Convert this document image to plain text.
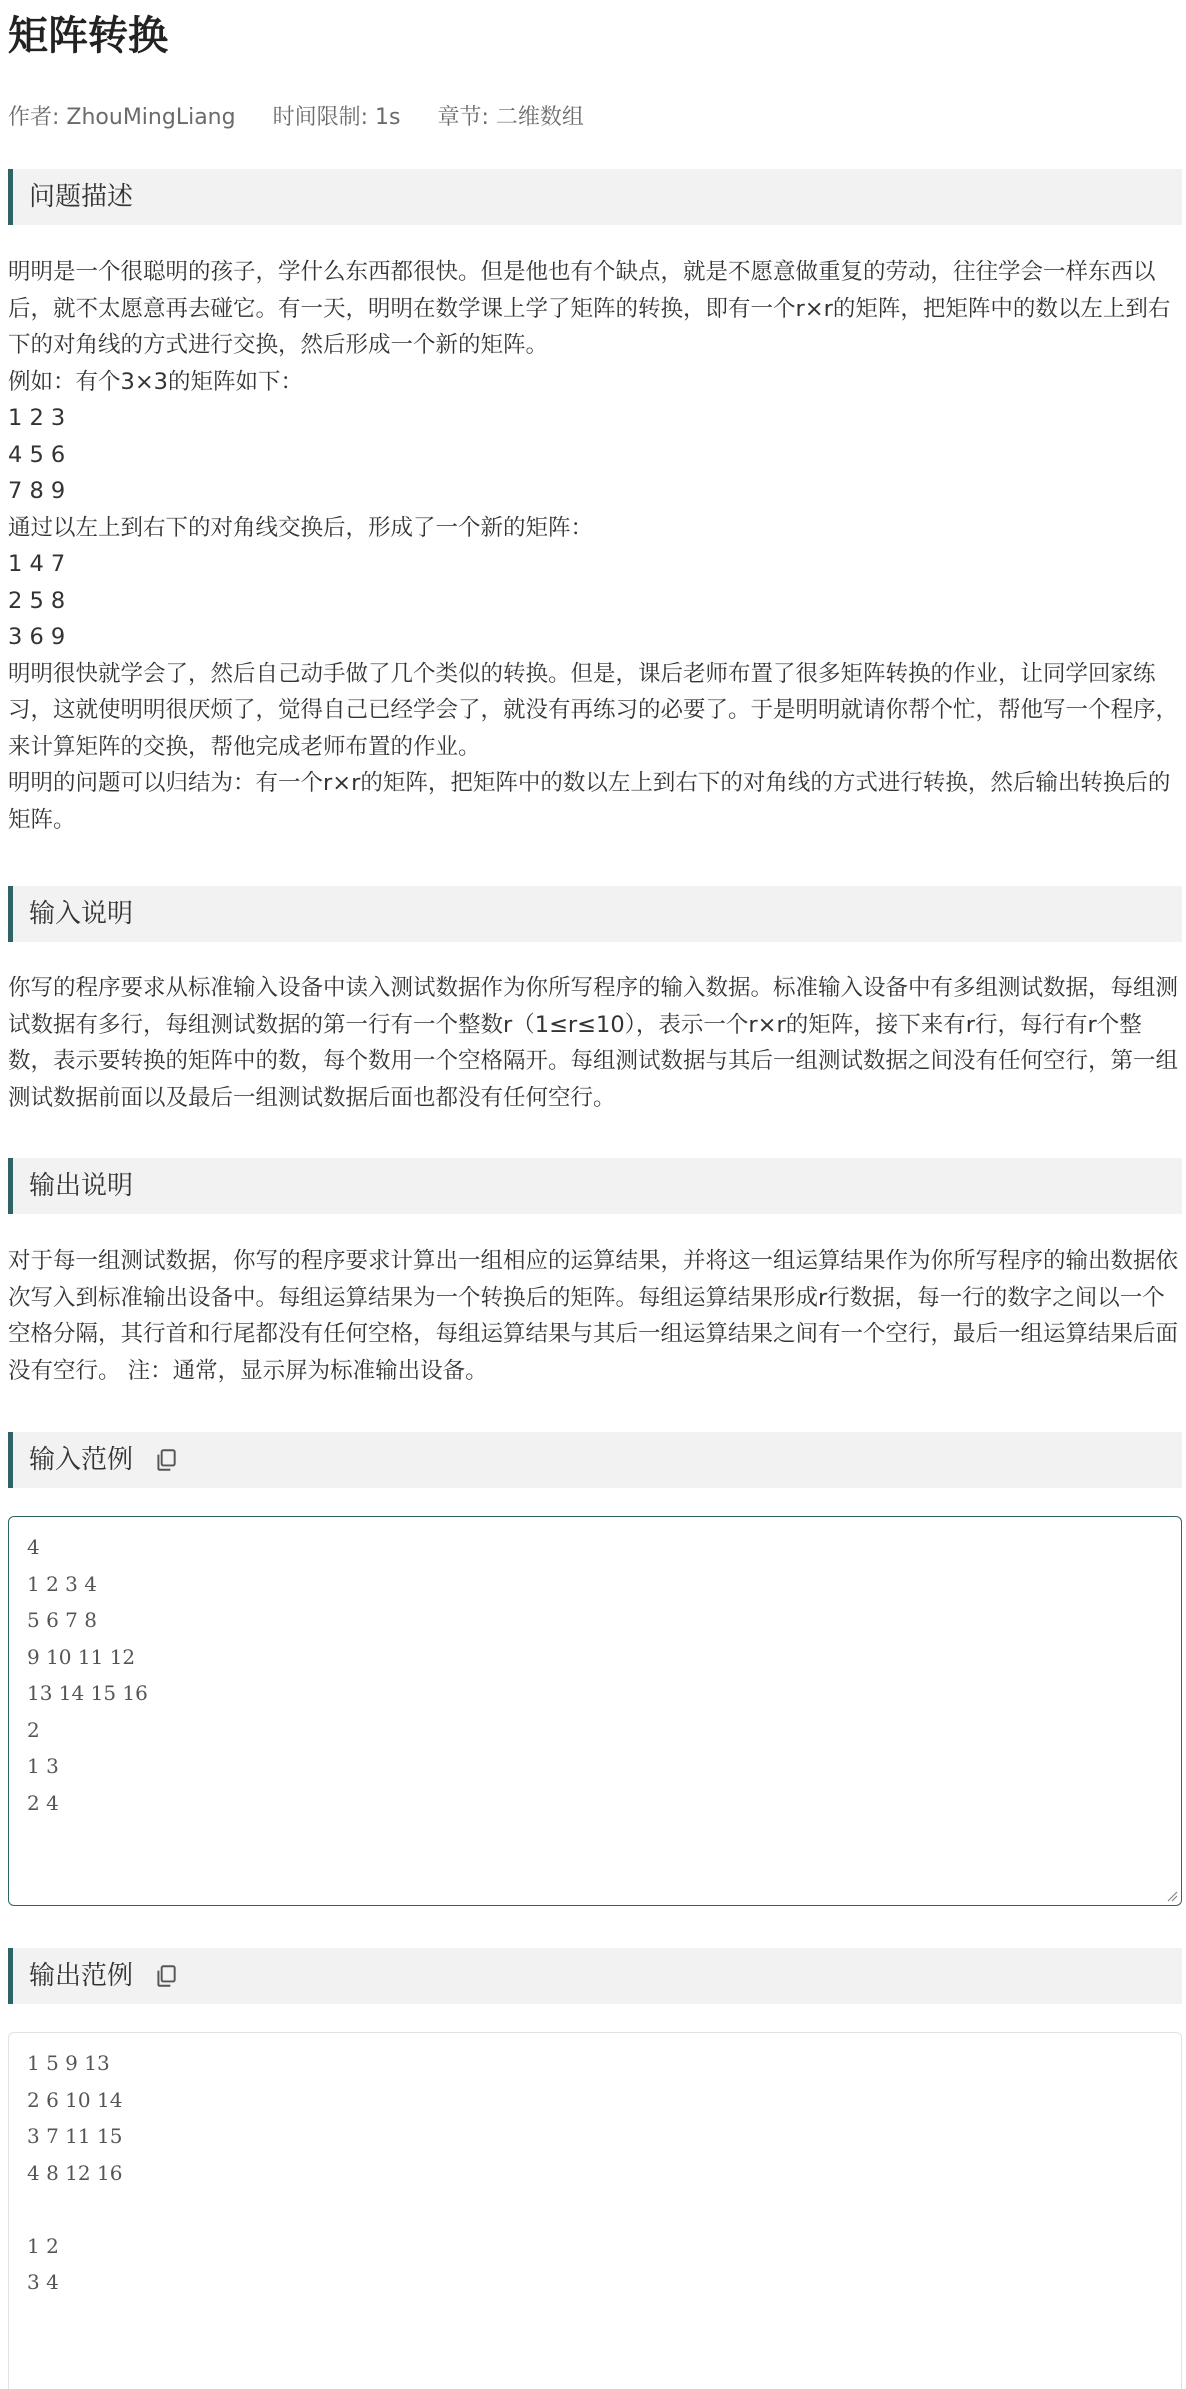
矩阵转换
作者: ZhouMingLiang 时间限制: 1s 章节: 二维数组
问题描述
明明是一个很聪明的孩子，学什么东西都很快。但是他也有个缺点，就是不愿意做重复的劳动，往往学会一样东西以后，就不太愿意再去碰它。有一天，明明在数学课上学了矩阵的转换，即有一个r×r的矩阵，把矩阵中的数以左上到右下的对角线的方式进行交换，然后形成一个新的矩阵。
例如：有个3×3的矩阵如下：
1 2 3
4 5 6
7 8 9
通过以左上到右下的对角线交换后，形成了一个新的矩阵：
1 4 7
2 5 8
3 6 9
明明很快就学会了，然后自己动手做了几个类似的转换。但是，课后老师布置了很多矩阵转换的作业，让同学回家练习，这就使明明很厌烦了，觉得自己已经学会了，就没有再练习的必要了。于是明明就请你帮个忙，帮他写一个程序，来计算矩阵的交换，帮他完成老师布置的作业。
明明的问题可以归结为：有一个r×r的矩阵，把矩阵中的数以左上到右下的对角线的方式进行转换，然后输出转换后的矩阵。
输入说明
你写的程序要求从标准输入设备中读入测试数据作为你所写程序的输入数据。标准输入设备中有多组测试数据，每组测试数据有多行，每组测试数据的第一行有一个整数r（1≤r≤10），表示一个r×r的矩阵，接下来有r行，每行有r个整数，表示要转换的矩阵中的数，每个数用一个空格隔开。每组测试数据与其后一组测试数据之间没有任何空行，第一组测试数据前面以及最后一组测试数据后面也都没有任何空行。
输出说明
对于每一组测试数据，你写的程序要求计算出一组相应的运算结果，并将这一组运算结果作为你所写程序的输出数据依次写入到标准输出设备中。每组运算结果为一个转换后的矩阵。每组运算结果形成r行数据，每一行的数字之间以一个空格分隔，其行首和行尾都没有任何空格，每组运算结果与其后一组运算结果之间有一个空行，最后一组运算结果后面没有空行。 注：通常，显示屏为标准输出设备。
输入范例
4
1 2 3 4
5 6 7 8
9 10 11 12
13 14 15 16
2
1 3
2 4
输出范例
1 5 9 13
2 6 10 14
3 7 11 15
4 8 12 16

1 2
3 4
